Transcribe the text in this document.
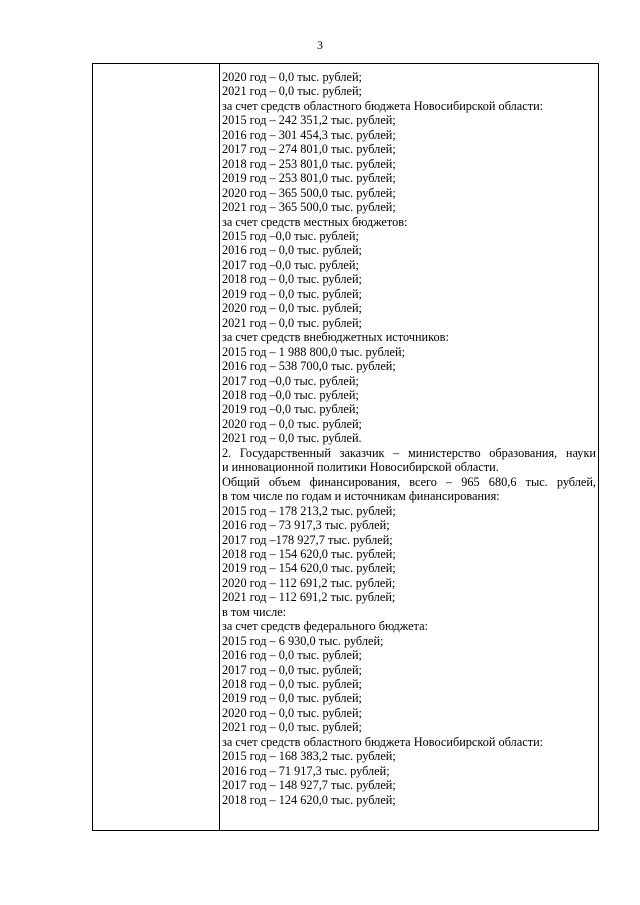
3
2020 год – 0,0 тыс. рублей;
2021 год – 0,0 тыс. рублей;
за счет средств областного бюджета Новосибирской области:
2015 год – 242 351,2 тыс. рублей;
2016 год – 301 454,3 тыс. рублей;
2017 год – 274 801,0 тыс. рублей;
2018 год – 253 801,0 тыс. рублей;
2019 год – 253 801,0 тыс. рублей;
2020 год – 365 500,0 тыс. рублей;
2021 год – 365 500,0 тыс. рублей;
за счет средств местных бюджетов:
2015 год –0,0 тыс. рублей;
2016 год – 0,0 тыс. рублей;
2017 год –0,0 тыс. рублей;
2018 год – 0,0 тыс. рублей;
2019 год – 0,0 тыс. рублей;
2020 год – 0,0 тыс. рублей;
2021 год – 0,0 тыс. рублей;
за счет средств внебюджетных источников:
2015 год – 1 988 800,0 тыс. рублей;
2016 год – 538 700,0 тыс. рублей;
2017 год –0,0 тыс. рублей;
2018 год –0,0 тыс. рублей;
2019 год –0,0 тыс. рублей;
2020 год – 0,0 тыс. рублей;
2021 год – 0,0 тыс. рублей.
2. Государственный заказчик – министерство образования, науки
и инновационной политики Новосибирской области.
Общий объем финансирования, всего – 965 680,6 тыс. рублей,
в том числе по годам и источникам финансирования:
2015 год – 178 213,2 тыс. рублей;
2016 год – 73 917,3 тыс. рублей;
2017 год –178 927,7 тыс. рублей;
2018 год – 154 620,0 тыс. рублей;
2019 год – 154 620,0 тыс. рублей;
2020 год – 112 691,2 тыс. рублей;
2021 год – 112 691,2 тыс. рублей;
в том числе:
за счет средств федерального бюджета:
2015 год – 6 930,0 тыс. рублей;
2016 год – 0,0 тыс. рублей;
2017 год – 0,0 тыс. рублей;
2018 год – 0,0 тыс. рублей;
2019 год – 0,0 тыс. рублей;
2020 год – 0,0 тыс. рублей;
2021 год – 0,0 тыс. рублей;
за счет средств областного бюджета Новосибирской области:
2015 год – 168 383,2 тыс. рублей;
2016 год – 71 917,3 тыс. рублей;
2017 год – 148 927,7 тыс. рублей;
2018 год – 124 620,0 тыс. рублей;
